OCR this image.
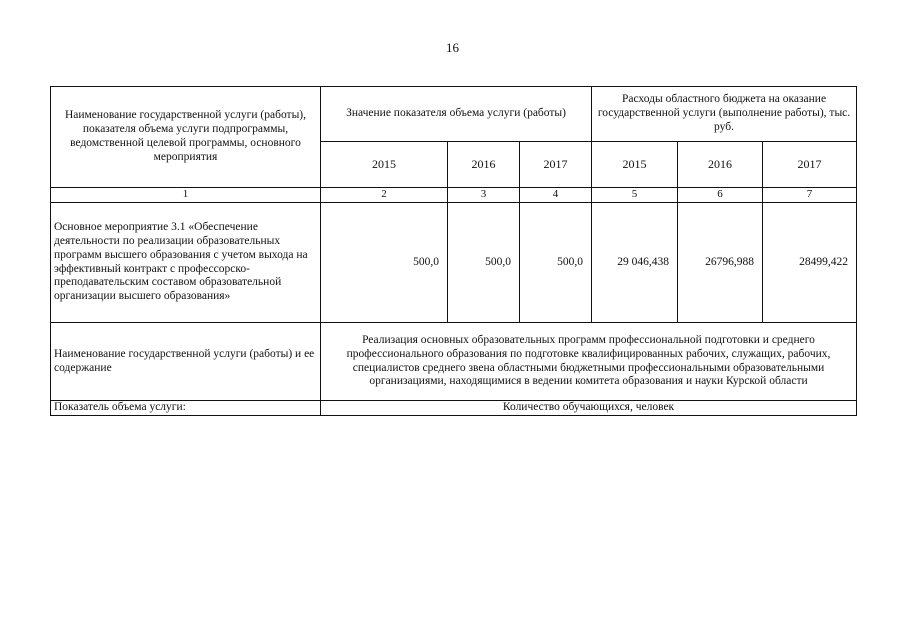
16
Наименование государственной услуги (работы), показателя объема услуги подпрограммы, ведомственной целевой программы, основного мероприятия	Значение показателя объема услуги (работы)			Расходы областного бюджета на оказание государственной услуги (выполнение работы), тыс. руб.		
	2015	2016	2017	2015	2016	2017
1	2	3	4	5	6	7
Основное мероприятие 3.1 «Обеспечение деятельности по реализации образовательных программ высшего образования с учетом выхода на эффективный контракт с профессорско-преподавательским составом образовательной организации высшего образования»	500,0	500,0	500,0	29 046,438	26796,988	28499,422
Наименование государственной услуги (работы) и ее содержание	Реализация основных образовательных программ профессиональной подготовки и среднего профессионального образования по подготовке квалифицированных рабочих, служащих, рабочих, специалистов среднего звена областными бюджетными профессиональными образовательными организациями, находящимися в ведении комитета образования и науки Курской области					
Показатель объема услуги:	Количество обучающихся, человек					
